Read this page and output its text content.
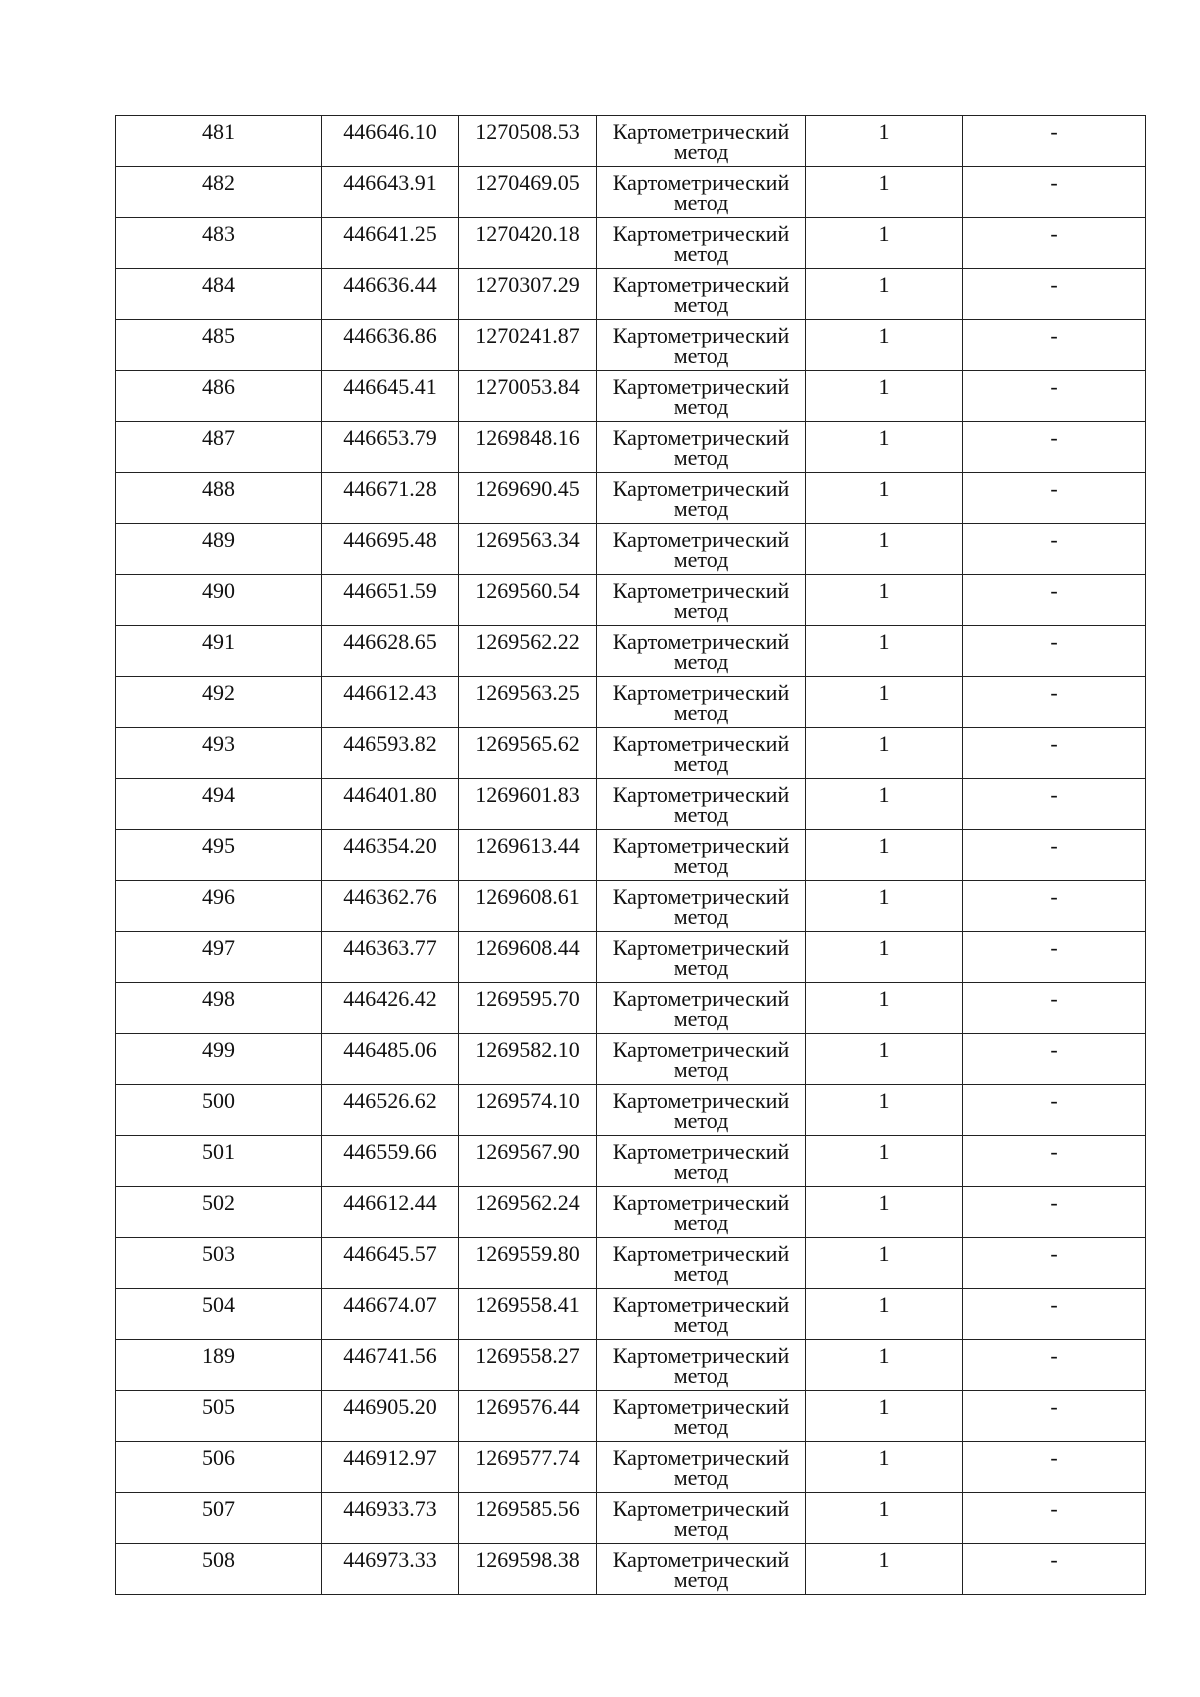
481	446646.10	1270508.53	Картометрический
метод	1	-

482	446643.91	1270469.05	Картометрический
метод	1	-

483	446641.25	1270420.18	Картометрический
метод	1	-

484	446636.44	1270307.29	Картометрический
метод	1	-

485	446636.86	1270241.87	Картометрический
метод	1	-

486	446645.41	1270053.84	Картометрический
метод	1	-

487	446653.79	1269848.16	Картометрический
метод	1	-

488	446671.28	1269690.45	Картометрический
метод	1	-

489	446695.48	1269563.34	Картометрический
метод	1	-

490	446651.59	1269560.54	Картометрический
метод	1	-

491	446628.65	1269562.22	Картометрический
метод	1	-

492	446612.43	1269563.25	Картометрический
метод	1	-

493	446593.82	1269565.62	Картометрический
метод	1	-

494	446401.80	1269601.83	Картометрический
метод	1	-

495	446354.20	1269613.44	Картометрический
метод	1	-

496	446362.76	1269608.61	Картометрический
метод	1	-

497	446363.77	1269608.44	Картометрический
метод	1	-

498	446426.42	1269595.70	Картометрический
метод	1	-

499	446485.06	1269582.10	Картометрический
метод	1	-

500	446526.62	1269574.10	Картометрический
метод	1	-

501	446559.66	1269567.90	Картометрический
метод	1	-

502	446612.44	1269562.24	Картометрический
метод	1	-

503	446645.57	1269559.80	Картометрический
метод	1	-

504	446674.07	1269558.41	Картометрический
метод	1	-

189	446741.56	1269558.27	Картометрический
метод	1	-

505	446905.20	1269576.44	Картометрический
метод	1	-

506	446912.97	1269577.74	Картометрический
метод	1	-

507	446933.73	1269585.56	Картометрический
метод	1	-

508	446973.33	1269598.38	Картометрический
метод	1	-
